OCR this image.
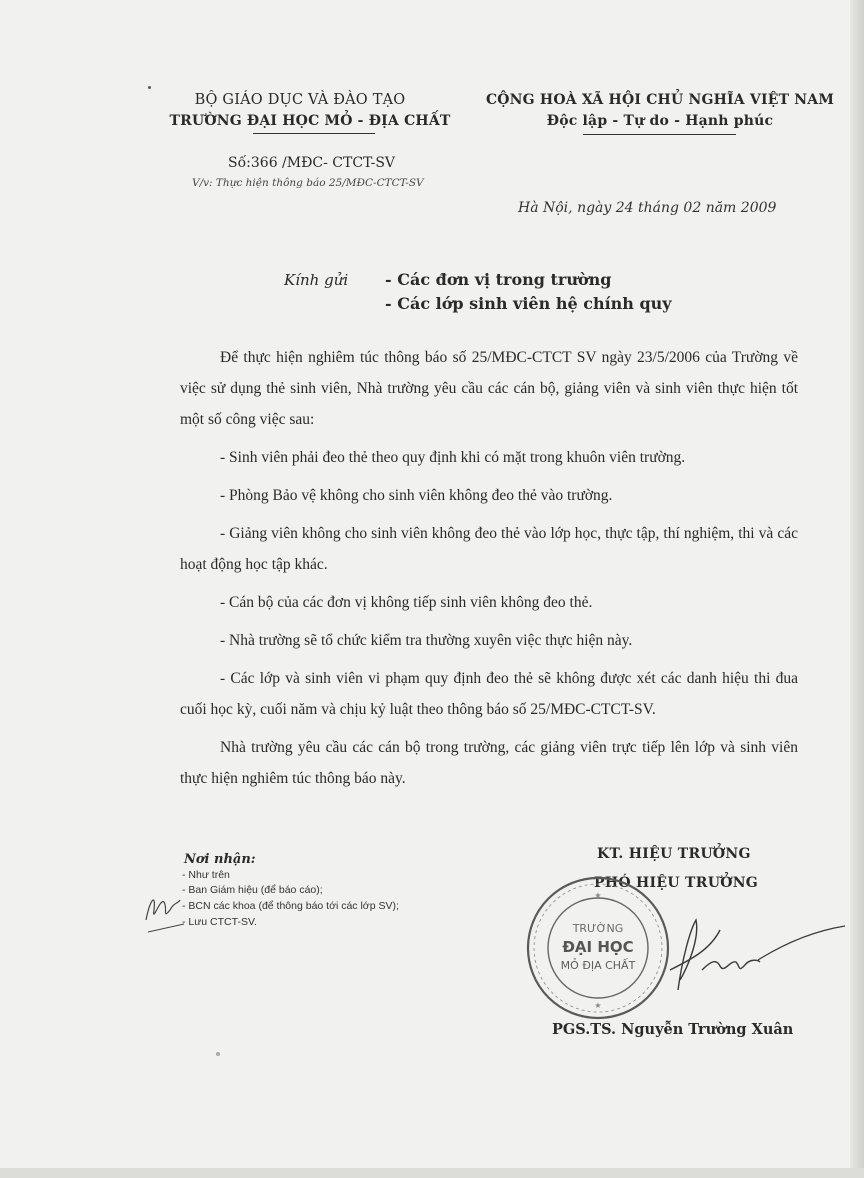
BỘ GIÁO DỤC VÀ ĐÀO TẠO
TRƯỜNG ĐẠI HỌC MỎ - ĐỊA CHẤT
Số:366 /MĐC- CTCT-SV
V/v: Thực hiện thông báo 25/MĐC-CTCT-SV
CỘNG HOÀ XÃ HỘI CHỦ NGHĨA VIỆT NAM
Độc lập - Tự do - Hạnh phúc
Hà Nội, ngày 24 tháng 02 năm 2009
Kính gửi - Các đơn vị trong trường
- Các lớp sinh viên hệ chính quy

Để thực hiện nghiêm túc thông báo số 25/MĐC-CTCT SV ngày 23/5/2006 của Trường về việc sử dụng thẻ sinh viên, Nhà trường yêu cầu các cán bộ, giảng viên và sinh viên thực hiện tốt một số công việc sau:

- Sinh viên phải đeo thẻ theo quy định khi có mặt trong khuôn viên trường.

- Phòng Bảo vệ không cho sinh viên không đeo thẻ vào trường.

- Giảng viên không cho sinh viên không đeo thẻ vào lớp học, thực tập, thí nghiệm, thi và các hoạt động học tập khác.

- Cán bộ của các đơn vị không tiếp sinh viên không đeo thẻ.

- Nhà trường sẽ tổ chức kiểm tra thường xuyên việc thực hiện này.

- Các lớp và sinh viên vi phạm quy định đeo thẻ sẽ không được xét các danh hiệu thi đua cuối học kỳ, cuối năm và chịu kỷ luật theo thông báo số 25/MĐC-CTCT-SV.

Nhà trường yêu cầu các cán bộ trong trường, các giảng viên trực tiếp lên lớp và sinh viên thực hiện nghiêm túc thông báo này.

Nơi nhận:
- Như trên
- Ban Giám hiệu (để báo cáo);
- BCN các khoa (để thông báo tới các lớp SV);
- Lưu CTCT-SV.
KT. HIỆU TRƯỞNG
PHÓ HIỆU TRƯỞNG
TRƯỜNG
ĐẠI HỌC
MỎ ĐỊA CHẤT
★
★
PGS.TS. Nguyễn Trường Xuân
